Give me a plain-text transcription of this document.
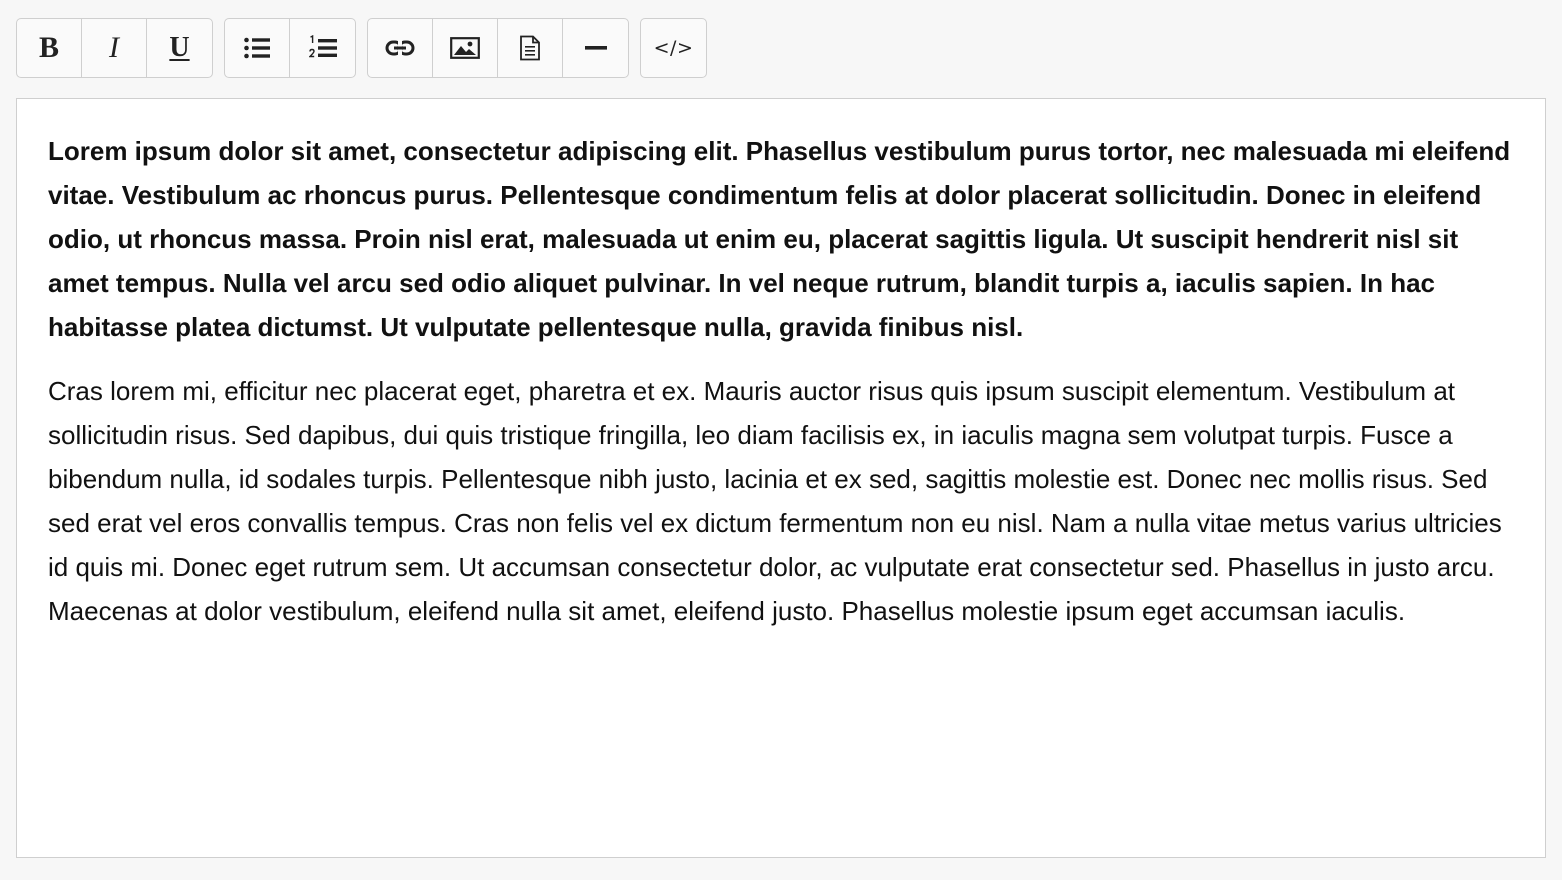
B I U	</>

Lorem ipsum dolor sit amet, consectetur adipiscing elit. Phasellus vestibulum purus tortor, nec malesuada mi eleifend vitae. Vestibulum ac rhoncus purus. Pellentesque condimentum felis at dolor placerat sollicitudin. Donec in eleifend odio, ut rhoncus massa. Proin nisl erat, malesuada ut enim eu, placerat sagittis ligula. Ut suscipit hendrerit nisl sit amet tempus. Nulla vel arcu sed odio aliquet pulvinar. In vel neque rutrum, blandit turpis a, iaculis sapien. In hac habitasse platea dictumst. Ut vulputate pellentesque nulla, gravida finibus nisl.

Cras lorem mi, efficitur nec placerat eget, pharetra et ex. Mauris auctor risus quis ipsum suscipit elementum. Vestibulum at sollicitudin risus. Sed dapibus, dui quis tristique fringilla, leo diam facilisis ex, in iaculis magna sem volutpat turpis. Fusce a bibendum nulla, id sodales turpis. Pellentesque nibh justo, lacinia et ex sed, sagittis molestie est. Donec nec mollis risus. Sed sed erat vel eros convallis tempus. Cras non felis vel ex dictum fermentum non eu nisl. Nam a nulla vitae metus varius ultricies id quis mi. Donec eget rutrum sem. Ut accumsan consectetur dolor, ac vulputate erat consectetur sed. Phasellus in justo arcu. Maecenas at dolor vestibulum, eleifend nulla sit amet, eleifend justo. Phasellus molestie ipsum eget accumsan iaculis.
